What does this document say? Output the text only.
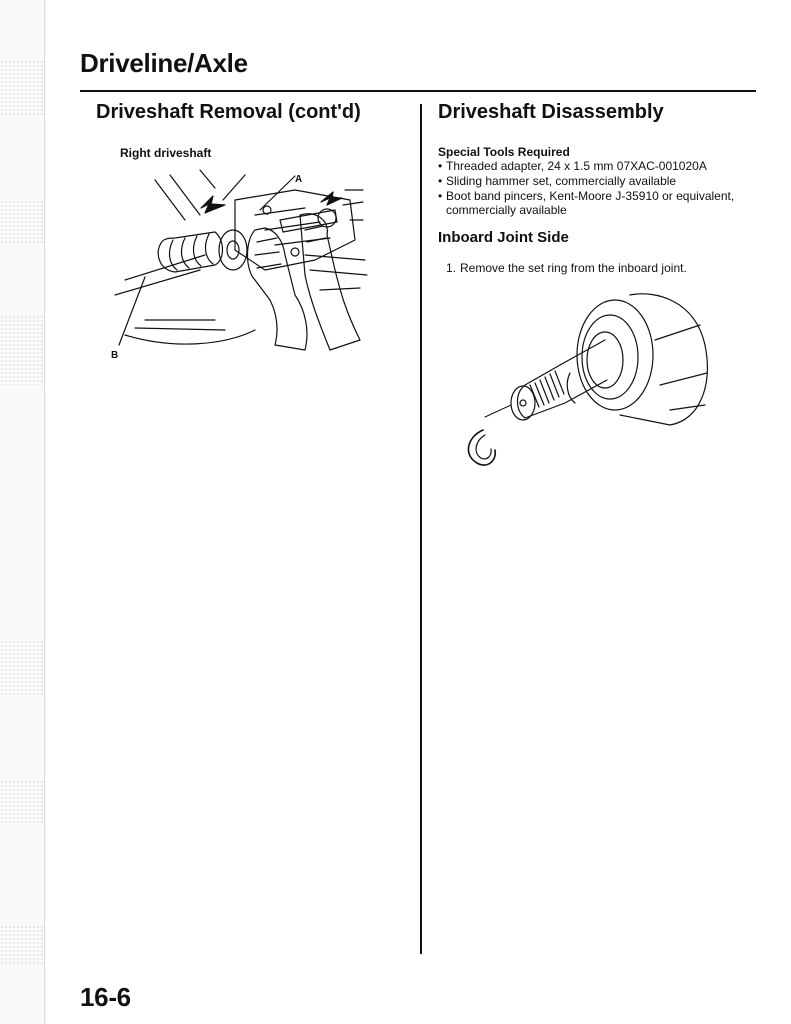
Driveline/Axle
Driveshaft Removal (cont'd)
Right driveshaft
A
B
Driveshaft Disassembly
Special Tools Required
• Threaded adapter, 24 x 1.5 mm 07XAC-001020A
• Sliding hammer set, commercially available
• Boot band pincers, Kent-Moore J-35910 or equivalent, commercially available
Inboard Joint Side
1. Remove the set ring from the inboard joint.
16-6
